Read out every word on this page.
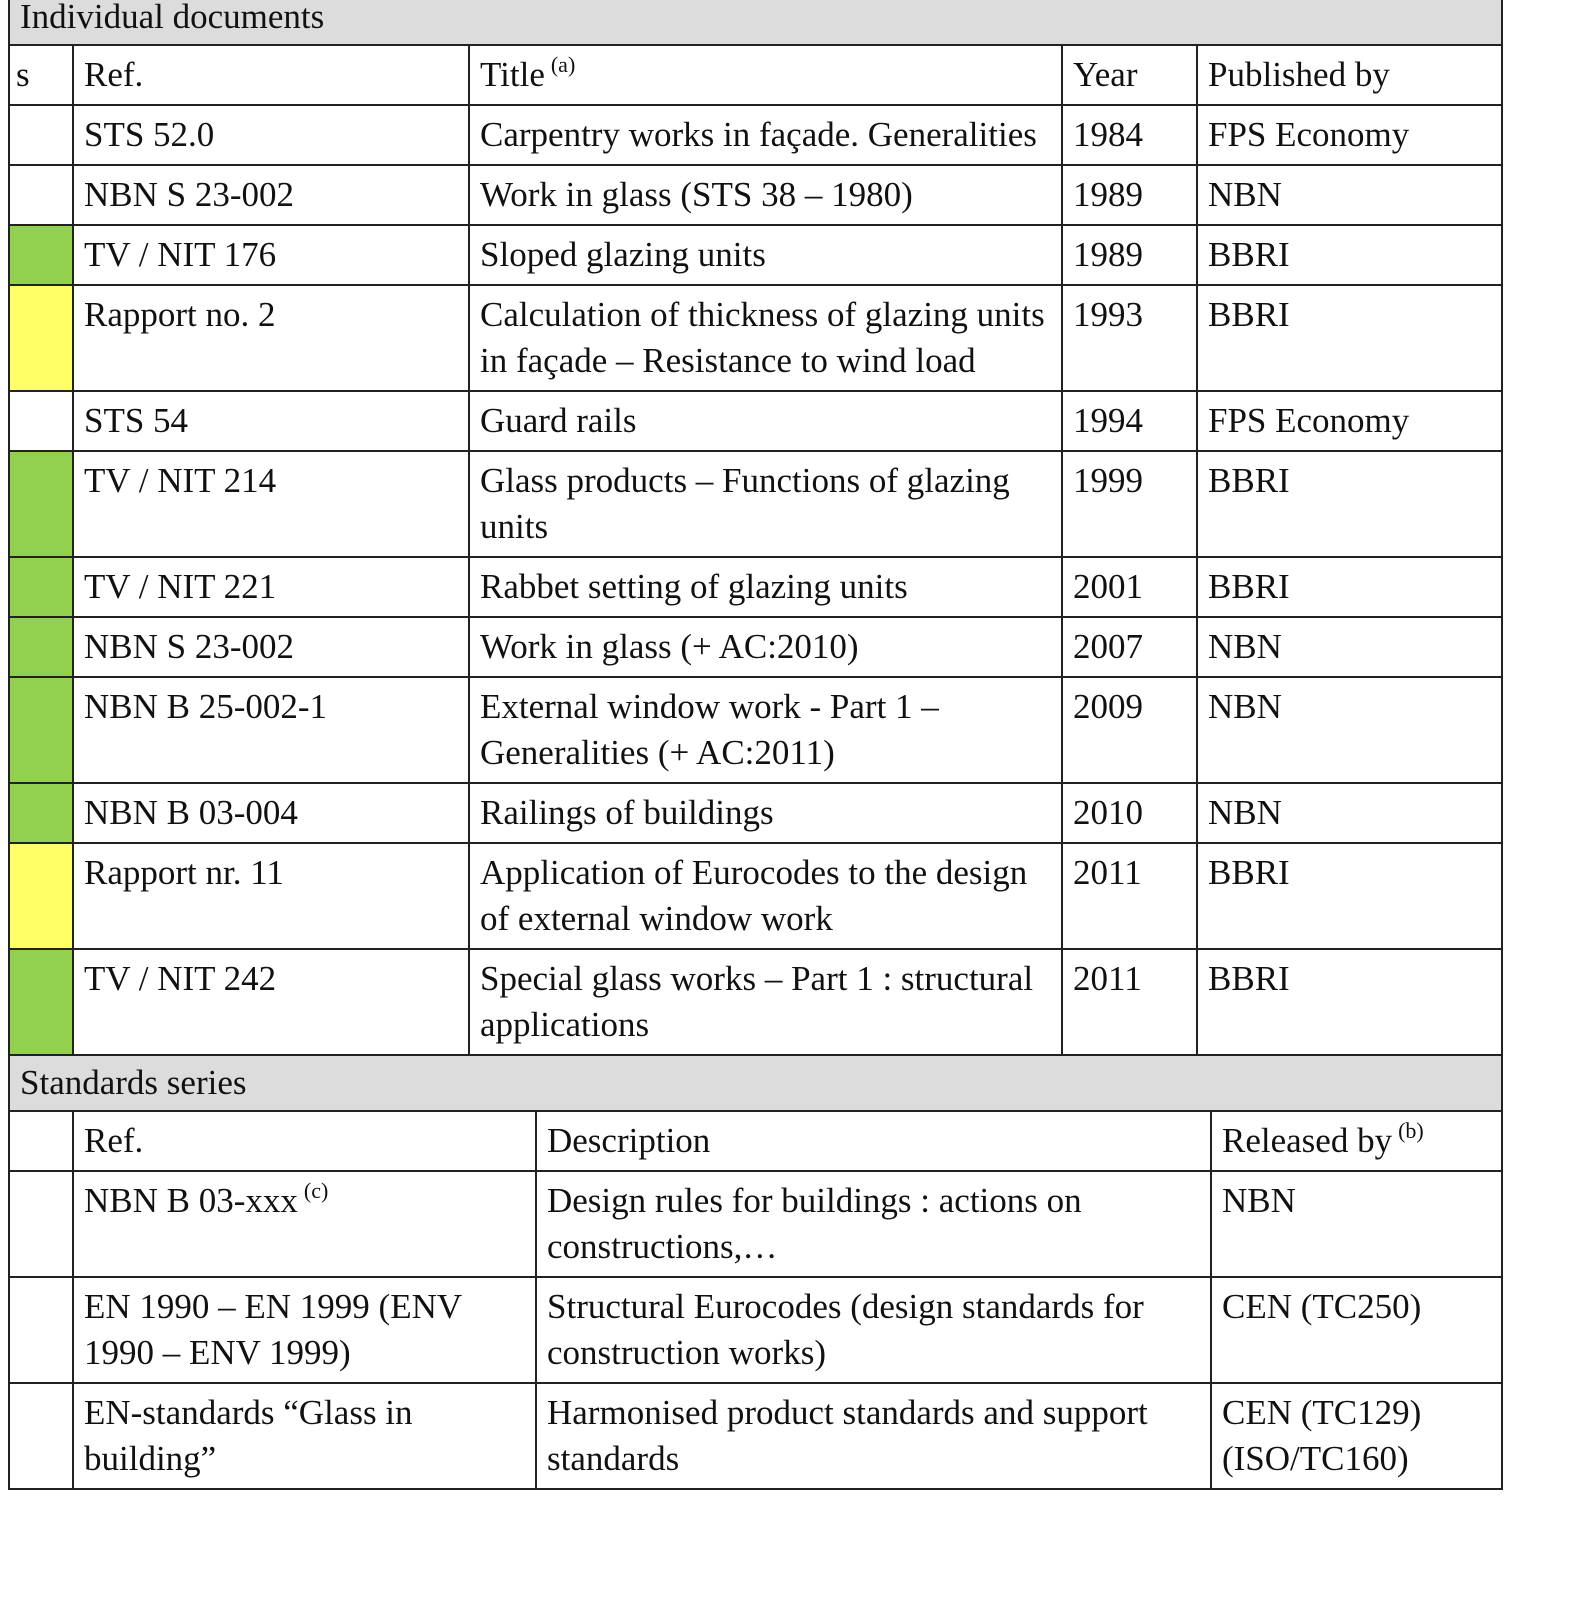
Individual documents						
s	Ref.	Title $^{(a)}$		Year	Published by	
	STS 52.0	Carpentry works in façade. Generalities		1984	FPS Economy	
	NBN S 23-002	Work in glass (STS 38 – 1980)		1989	NBN	
	TV / NIT 176	Sloped glazing units		1989	BBRI	
	Rapport no. 2	Calculation of thickness of glazing units in façade – Resistance to wind load		1993	BBRI	
	STS 54	Guard rails		1994	FPS Economy	
	TV / NIT 214	Glass products – Functions of glazing units		1999	BBRI	
	TV / NIT 221	Rabbet setting of glazing units		2001	BBRI	
	NBN S 23-002	Work in glass (+ AC:2010)		2007	NBN	
	NBN B 25-002-1	External window work - Part 1 – Generalities (+ AC:2011)		2009	NBN	
	NBN B 03-004	Railings of buildings		2010	NBN	
	Rapport nr. 11	Application of Eurocodes to the design of external window work		2011	BBRI	
	TV / NIT 242	Special glass works – Part 1 : structural applications		2011	BBRI	
Standards series						
	Ref.		Description			Released by $^{(b)}$
	NBN B 03-xxx $^{(c)}$		Design rules for buildings : actions on constructions,…			NBN
	EN 1990 – EN 1999 (ENV 1990 – ENV 1999)		Structural Eurocodes (design standards for construction works)			CEN (TC250)
	EN-standards “Glass in building”		Harmonised product standards and support standards			CEN (TC129) (ISO/TC160)
